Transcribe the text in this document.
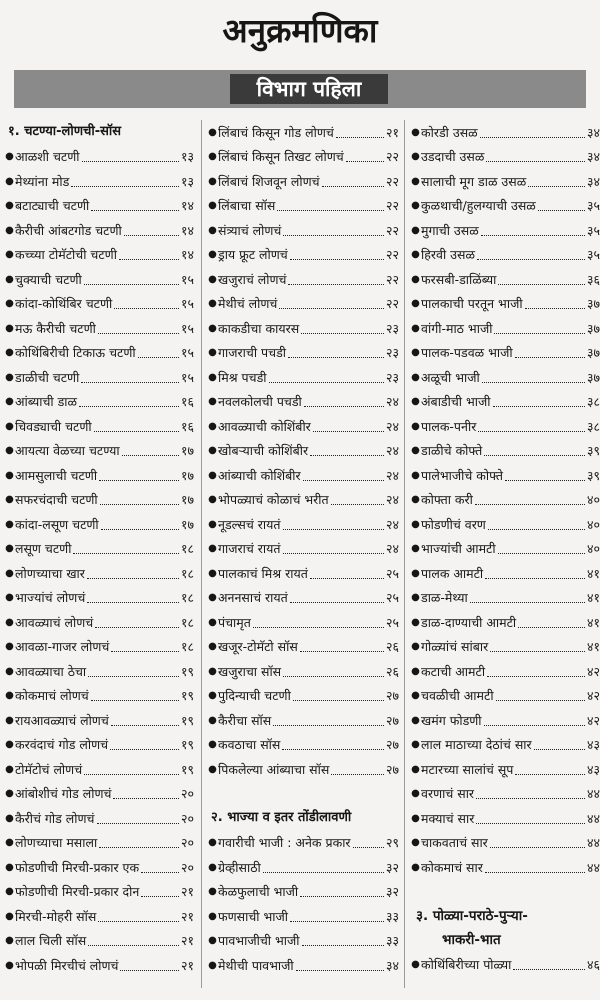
अनुक्रमणिका
विभाग पहिला
१. चटण्या-लोणची-सॉस
● आळशी चटणी	१३
● मेथ्यांना मोड	१३
● बटाट्याची चटणी	१४
● कैरीची आंबटगोड चटणी	१४
● कच्च्या टोमॅटोची चटणी	१४
● चुक्याची चटणी	१५
● कांदा-कोथिंबिर चटणी	१५
● मऊ कैरीची चटणी	१५
● कोथिंबिरीची टिकाऊ चटणी	१५
● डाळीची चटणी	१५
● आंब्याची डाळ	१६
● चिवड्याची चटणी	१६
● आयत्या वेळच्या चटण्या	१७
● आमसुलाची चटणी	१७
● सफरचंदाची चटणी	१७
● कांदा-लसूण चटणी	१७
● लसूण चटणी	१८
● लोणच्याचा खार	१८
● भाज्यांचं लोणचं	१८
● आवळ्याचं लोणचं	१८
● आवळा-गाजर लोणचं	१८
● आवळ्याचा ठेचा	१९
● कोकमाचं लोणचं	१९
● रायआवळ्याचं लोणचं	१९
● करवंदाचं गोड लोणचं	१९
● टोमॅटोचं लोणचं	१९
● आंबोशीचं गोड लोणचं	२०
● कैरीचं गोड लोणचं	२०
● लोणच्याचा मसाला	२०
● फोडणीची मिरची-प्रकार एक	२०
● फोडणीची मिरची-प्रकार दोन	२१
● मिरची-मोहरी सॉस	२१
● लाल चिली सॉस	२१
● भोपळी मिरचीचं लोणचं	२१
● लिंबाचं किसून गोड लोणचं	२१
● लिंबाचं किसून तिखट लोणचं	२२
● लिंबाचं शिजवून लोणचं	२२
● लिंबाचा सॉस	२२
● संत्र्याचं लोणचं	२२
● ड्राय फ्रूट लोणचं	२२
● खजुराचं लोणचं	२२
● मेथीचं लोणचं	२२
● काकडीचा कायरस	२३
● गाजराची पचडी	२३
● मिश्र पचडी	२३
● नवलकोलची पचडी	२४
● आवळ्याची कोशिंबीर	२४
● खोबऱ्याची कोशिंबीर	२४
● आंब्याची कोशिंबीर	२४
● भोपळ्याचं कोळाचं भरीत	२४
● नूडल्सचं रायतं	२४
● गाजराचं रायतं	२४
● पालकाचं मिश्र रायतं	२५
● अननसाचं रायतं	२५
● पंचामृत	२५
● खजूर-टोमॅटो सॉस	२६
● खजुराचा सॉस	२६
● पुदिन्याची चटणी	२७
● कैरीचा सॉस	२७
● कवठाचा सॉस	२७
● पिकलेल्या आंब्याचा सॉस	२७
२. भाज्या व इतर तोंडीलावणी
● गवारीची भाजी : अनेक प्रकार	२९
● ग्रेव्हीसाठी	३२
● केळफुलाची भाजी	३२
● फणसाची भाजी	३३
● पावभाजीची भाजी	३३
● मेथीची पावभाजी	३४
● कोरडी उसळ	३४
● उडदाची उसळ	३४
● सालाची मूग डाळ उसळ	३४
● कुळथाची/हुलग्याची उसळ	३५
● मुगाची उसळ	३५
● हिरवी उसळ	३५
● फरसबी-डाळिंब्या	३६
● पालकाची परतून भाजी	३७
● वांगी-माठ भाजी	३७
● पालक-पडवळ भाजी	३७
● अळूची भाजी	३७
● अंबाडीची भाजी	३८
● पालक-पनीर	३८
● डाळीचे कोफ्ते	३९
● पालेभाजीचे कोफ्ते	३९
● कोफ्ता करी	४०
● फोडणीचं वरण	४०
● भाज्यांची आमटी	४०
● पालक आमटी	४१
● डाळ-मेथ्या	४१
● डाळ-दाण्याची आमटी	४१
● गोळ्यांचं सांबार	४१
● कटाची आमटी	४२
● चवळीची आमटी	४२
● खमंग फोडणी	४२
● लाल माठाच्या देठांचं सार	४३
● मटारच्या सालांचं सूप	४३
● वरणाचं सार	४४
● मक्याचं सार	४४
● चाकवताचं सार	४४
● कोकमाचं सार	४४
३. पोळ्या-पराठे-पुऱ्या-
भाकरी-भात
● कोथिंबिरीच्या पोळ्या	४६
